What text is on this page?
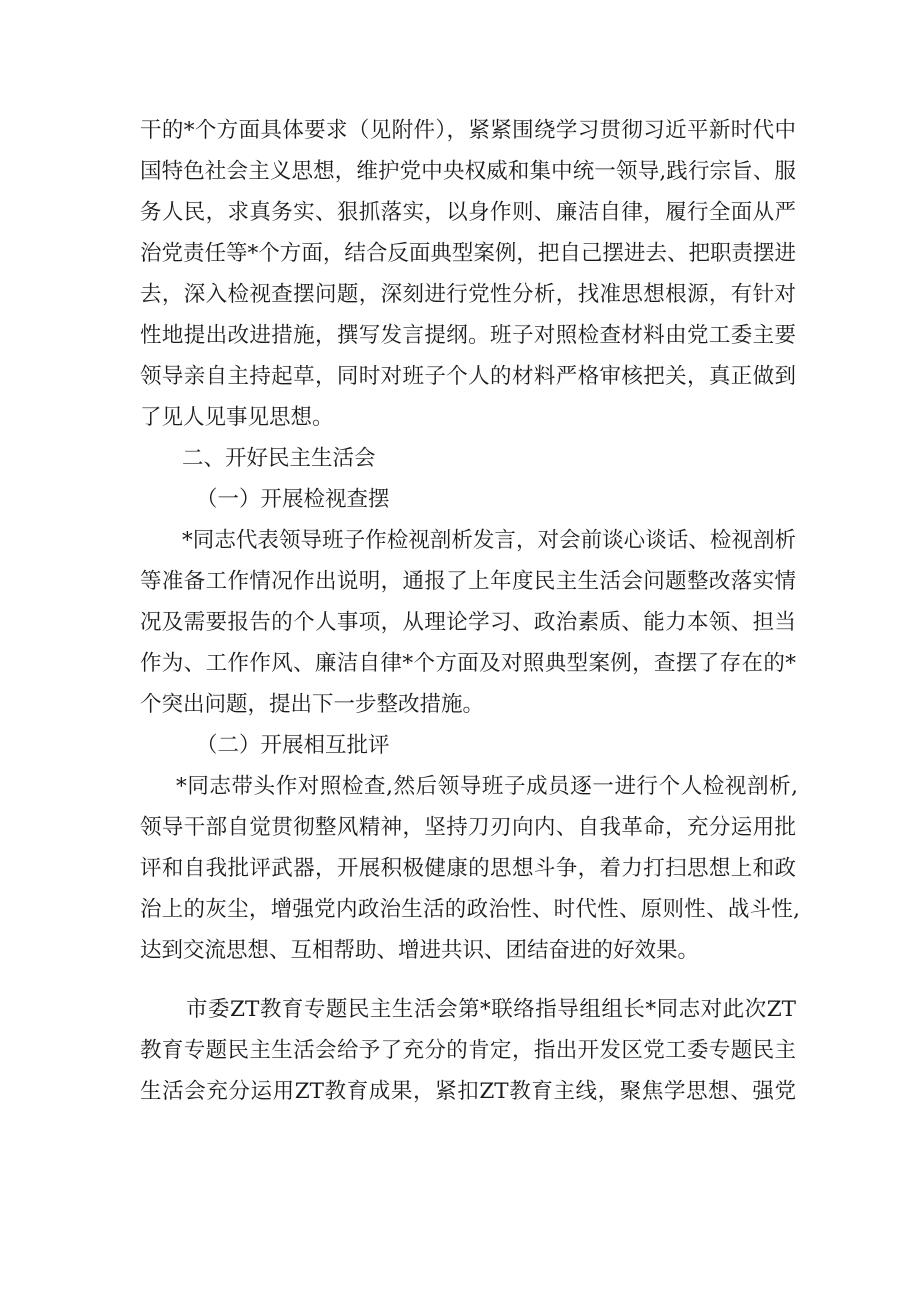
干的*个方面具体要求（见附件），紧紧围绕学习贯彻习近平新时代中
国特色社会主义思想，维护党中央权威和集中统一领导,践行宗旨、服
务人民，求真务实、狠抓落实，以身作则、廉洁自律，履行全面从严
治党责任等*个方面，结合反面典型案例，把自己摆进去、把职责摆进
去，深入检视查摆问题，深刻进行党性分析，找准思想根源，有针对
性地提出改进措施，撰写发言提纲。班子对照检查材料由党工委主要
领导亲自主持起草，同时对班子个人的材料严格审核把关，真正做到
了见人见事见思想。
二、开好民主生活会
（一）开展检视查摆
*同志代表领导班子作检视剖析发言，对会前谈心谈话、检视剖析
等准备工作情况作出说明，通报了上年度民主生活会问题整改落实情
况及需要报告的个人事项，从理论学习、政治素质、能力本领、担当
作为、工作作风、廉洁自律*个方面及对照典型案例，查摆了存在的*
个突出问题，提出下一步整改措施。
（二）开展相互批评
*同志带头作对照检查,然后领导班子成员逐一进行个人检视剖析,
领导干部自觉贯彻整风精神，坚持刀刃向内、自我革命，充分运用批
评和自我批评武器，开展积极健康的思想斗争，着力打扫思想上和政
治上的灰尘，增强党内政治生活的政治性、时代性、原则性、战斗性,
达到交流思想、互相帮助、增进共识、团结奋进的好效果。
市委ZT教育专题民主生活会第*联络指导组组长*同志对此次ZT
教育专题民主生活会给予了充分的肯定，指出开发区党工委专题民主
生活会充分运用ZT教育成果，紧扣ZT教育主线，聚焦学思想、强党
